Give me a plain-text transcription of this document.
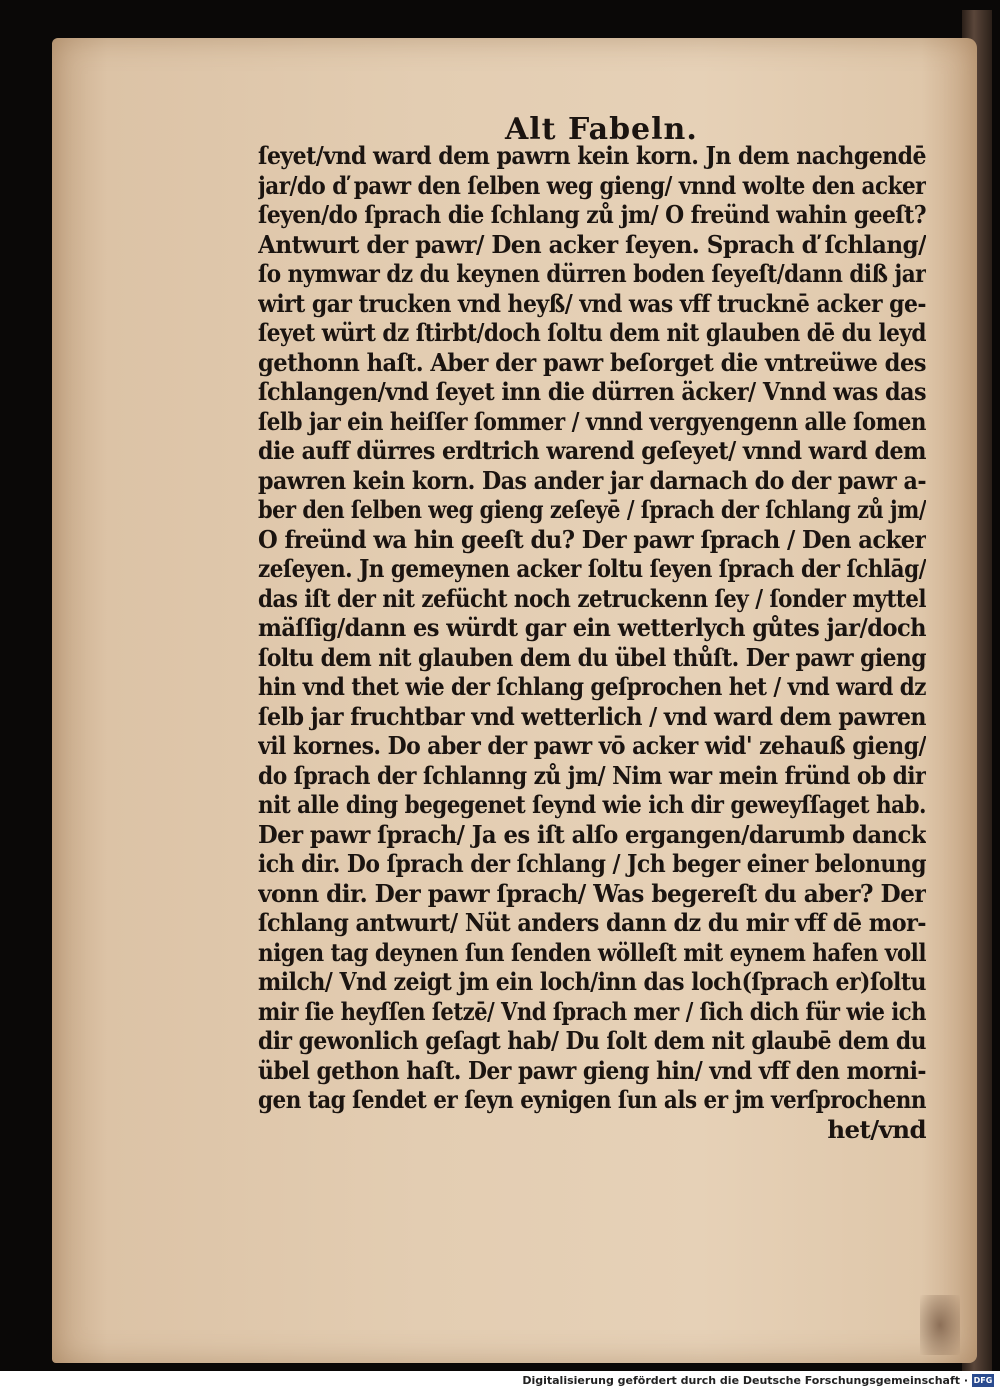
Alt Fabeln.
ſeyet/vnd ward dem pawrn kein korn. Jn dem nachgendē
jar/do ď pawr den ſelben weg gieng/ vnnd wolte den acker
ſeyen/do ſprach die ſchlang zů jm/ O freünd wahin geeſt?
Antwurt der pawr/ Den acker ſeyen. Sprach ď ſchlang/
ſo nymwar dz du keynen dürren boden ſeyeſt/dann diß jar
wirt gar trucken vnd heyß/ vnd was vff trucknē acker ge-
ſeyet würt dz ſtirbt/doch ſoltu dem nit glauben dē du leyd
gethonn haſt. Aber der pawr beſorget die vntreüwe des
ſchlangen/vnd ſeyet inn die dürren äcker/ Vnnd was das
ſelb jar ein heiſſer ſommer / vnnd vergyengenn alle ſomen
die auff dürres erdtrich warend geſeyet/ vnnd ward dem
pawren kein korn. Das ander jar darnach do der pawr a-
ber den ſelben weg gieng zeſeyē / ſprach der ſchlang zů jm/
O freünd wa hin geeſt du? Der pawr ſprach / Den acker
zeſeyen. Jn gemeynen acker ſoltu ſeyen ſprach der ſchlāg/
das iſt der nit zefücht noch zetruckenn ſey / ſonder myttel
mäſſig/dann es würdt gar ein wetterlych gůtes jar/doch
ſoltu dem nit glauben dem du übel thůſt. Der pawr gieng
hin vnd thet wie der ſchlang geſprochen het / vnd ward dz
ſelb jar fruchtbar vnd wetterlich / vnd ward dem pawren
vil kornes. Do aber der pawr vō acker wid' zehauß gieng/
do ſprach der ſchlanng zů jm/ Nim war mein fründ ob dir
nit alle ding begegenet ſeynd wie ich dir geweyſſaget hab.
Der pawr ſprach/ Ja es iſt alſo ergangen/darumb danck
ich dir. Do ſprach der ſchlang / Jch beger einer belonung
vonn dir. Der pawr ſprach/ Was begereſt du aber? Der
ſchlang antwurt/ Nüt anders dann dz du mir vff dē mor-
nigen tag deynen ſun ſenden wölleſt mit eynem hafen voll
milch/ Vnd zeigt jm ein loch/inn das loch(ſprach er)ſoltu
mir ſie heyſſen ſetzē/ Vnd ſprach mer / ſich dich für wie ich
dir gewonlich geſagt hab/ Du ſolt dem nit glaubē dem du
übel gethon haſt. Der pawr gieng hin/ vnd vff den morni-
gen tag ſendet er ſeyn eynigen ſun als er jm verſprochenn
het/vnd
Digitalisierung gefördert durch die Deutsche Forschungsgemeinschaft · DFG
